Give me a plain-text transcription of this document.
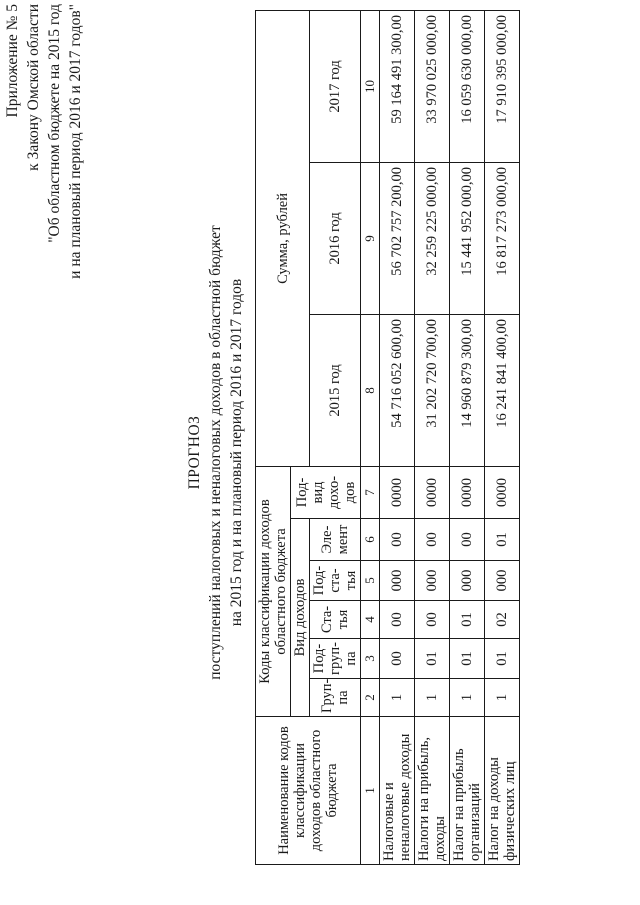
Приложение № 5 к Закону Омской области "Об областном бюджете на 2015 год и на плановый период 2016 и 2017 годов"
ПРОГНОЗ поступлений налоговых и неналоговых доходов в областной бюджет на 2015 год и на плановый период 2016 и 2017 годов
Наименование кодов классификации доходов областного бюджета	Коды классификации доходов областного бюджета						Сумма, рублей		
	Вид доходов					Под-вид дохо-дов			
	Груп-па	Под-груп-па	Ста-тья	Под-ста-тья	Эле-мент		2015 год	2016 год	2017 год

1	2	3	4	5	6	7	8	9	10
Налоговые и неналоговые доходы	1	00	00	000	00	0000	54 716 052 600,00	56 702 757 200,00	59 164 491 300,00
Налоги на прибыль, доходы	1	01	00	000	00	0000	31 202 720 700,00	32 259 225 000,00	33 970 025 000,00
Налог на прибыль организаций	1	01	01	000	00	0000	14 960 879 300,00	15 441 952 000,00	16 059 630 000,00
Налог на доходы физических лиц	1	01	02	000	01	0000	16 241 841 400,00	16 817 273 000,00	17 910 395 000,00
